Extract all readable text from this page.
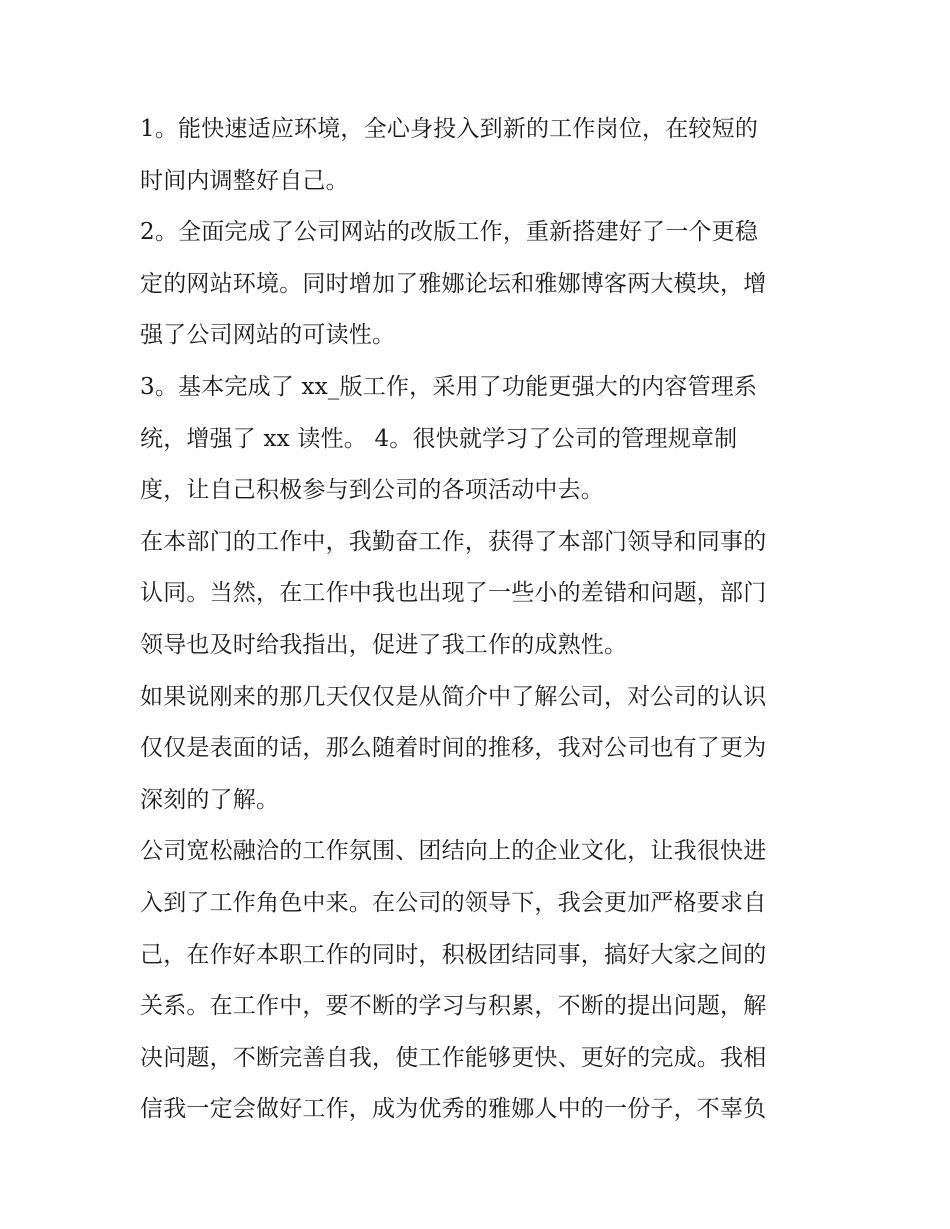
1。能快速适应环境，全心身投入到新的工作岗位，在较短的
时间内调整好自己。
2。全面完成了公司网站的改版工作，重新搭建好了一个更稳
定的网站环境。同时增加了雅娜论坛和雅娜博客两大模块，增
强了公司网站的可读性。
3。基本完成了 xx_版工作，采用了功能更强大的内容管理系
统，增强了 xx 读性。 4。很快就学习了公司的管理规章制
度，让自己积极参与到公司的各项活动中去。
在本部门的工作中，我勤奋工作，获得了本部门领导和同事的
认同。当然，在工作中我也出现了一些小的差错和问题，部门
领导也及时给我指出，促进了我工作的成熟性。
如果说刚来的那几天仅仅是从简介中了解公司，对公司的认识
仅仅是表面的话，那么随着时间的推移，我对公司也有了更为
深刻的了解。
公司宽松融洽的工作氛围、团结向上的企业文化，让我很快进
入到了工作角色中来。在公司的领导下，我会更加严格要求自
己，在作好本职工作的同时，积极团结同事，搞好大家之间的
关系。在工作中，要不断的学习与积累，不断的提出问题，解
决问题，不断完善自我，使工作能够更快、更好的完成。我相
信我一定会做好工作，成为优秀的雅娜人中的一份子，不辜负
